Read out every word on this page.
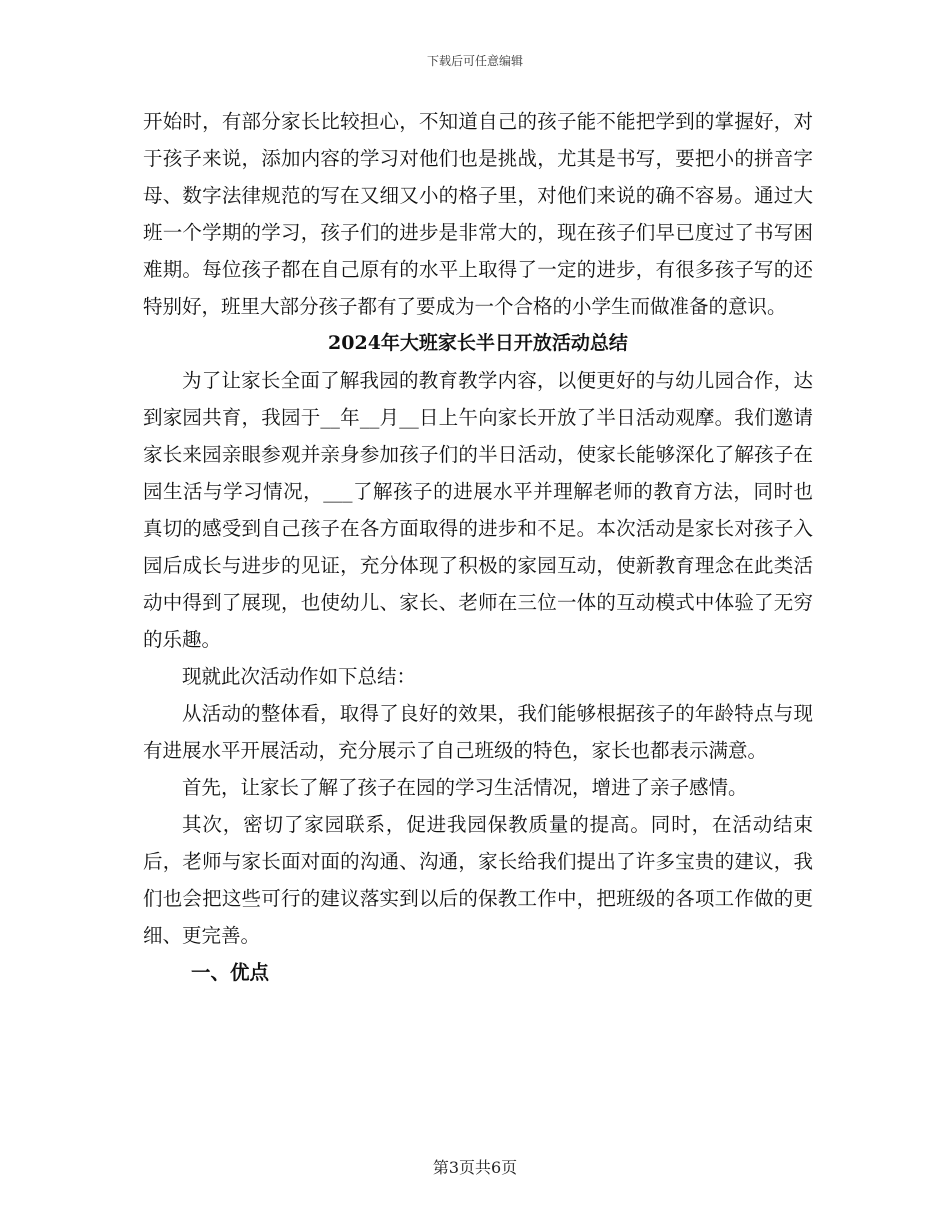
下载后可任意编辑

开始时，有部分家长比较担心，不知道自己的孩子能不能把学到的掌握好，对于孩子来说，添加内容的学习对他们也是挑战，尤其是书写，要把小的拼音字母、数字法律规范的写在又细又小的格子里，对他们来说的确不容易。通过大班一个学期的学习，孩子们的进步是非常大的，现在孩子们早已度过了书写困难期。每位孩子都在自己原有的水平上取得了一定的进步，有很多孩子写的还特别好，班里大部分孩子都有了要成为一个合格的小学生而做准备的意识。

2024年大班家长半日开放活动总结

为了让家长全面了解我园的教育教学内容，以便更好的与幼儿园合作，达到家园共育，我园于__年__月__日上午向家长开放了半日活动观摩。我们邀请家长来园亲眼参观并亲身参加孩子们的半日活动，使家长能够深化了解孩子在园生活与学习情况，___了解孩子的进展水平并理解老师的教育方法，同时也真切的感受到自己孩子在各方面取得的进步和不足。本次活动是家长对孩子入园后成长与进步的见证，充分体现了积极的家园互动，使新教育理念在此类活动中得到了展现，也使幼儿、家长、老师在三位一体的互动模式中体验了无穷的乐趣。

现就此次活动作如下总结：

从活动的整体看，取得了良好的效果，我们能够根据孩子的年龄特点与现有进展水平开展活动，充分展示了自己班级的特色，家长也都表示满意。

首先，让家长了解了孩子在园的学习生活情况，增进了亲子感情。

其次，密切了家园联系，促进我园保教质量的提高。同时，在活动结束后，老师与家长面对面的沟通、沟通，家长给我们提出了许多宝贵的建议，我们也会把这些可行的建议落实到以后的保教工作中，把班级的各项工作做的更细、更完善。

一、优点

第3页共6页
